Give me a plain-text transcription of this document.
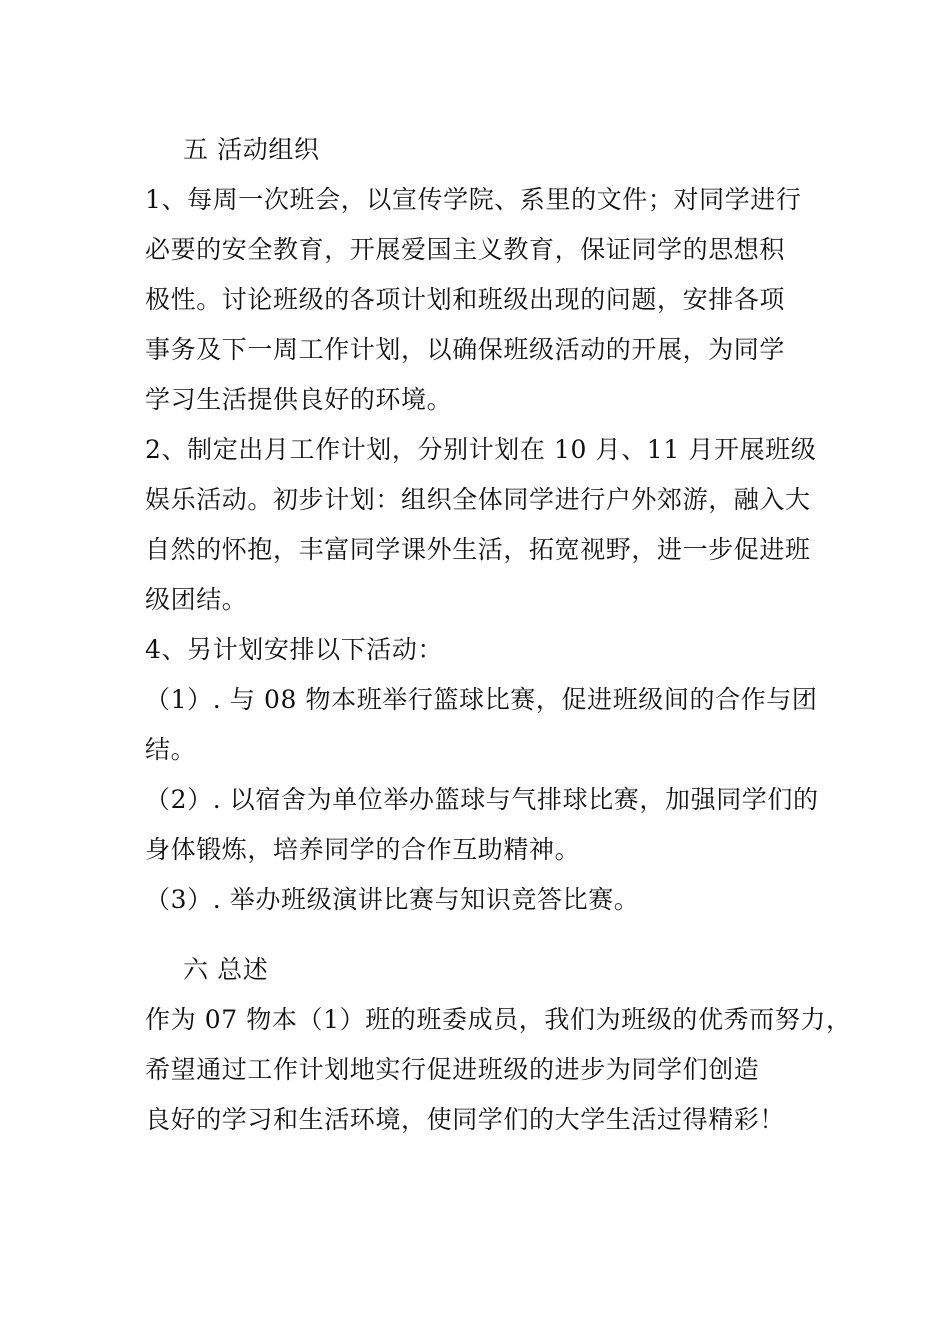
五 活动组织
1、每周一次班会，以宣传学院、系里的文件；对同学进行
必要的安全教育，开展爱国主义教育，保证同学的思想积
极性。讨论班级的各项计划和班级出现的问题，安排各项
事务及下一周工作计划，以确保班级活动的开展，为同学
学习生活提供良好的环境。
2、制定出月工作计划，分别计划在 10 月、11 月开展班级
娱乐活动。初步计划：组织全体同学进行户外郊游，融入大
自然的怀抱，丰富同学课外生活，拓宽视野，进一步促进班
级团结。
4、另计划安排以下活动：
（1）. 与 08 物本班举行篮球比赛，促进班级间的合作与团
结。
（2）. 以宿舍为单位举办篮球与气排球比赛，加强同学们的
身体锻炼，培养同学的合作互助精神。
（3）. 举办班级演讲比赛与知识竞答比赛。
六 总述
作为 07 物本（1）班的班委成员，我们为班级的优秀而努力，
希望通过工作计划地实行促进班级的进步为同学们创造
良好的学习和生活环境，使同学们的大学生活过得精彩！
